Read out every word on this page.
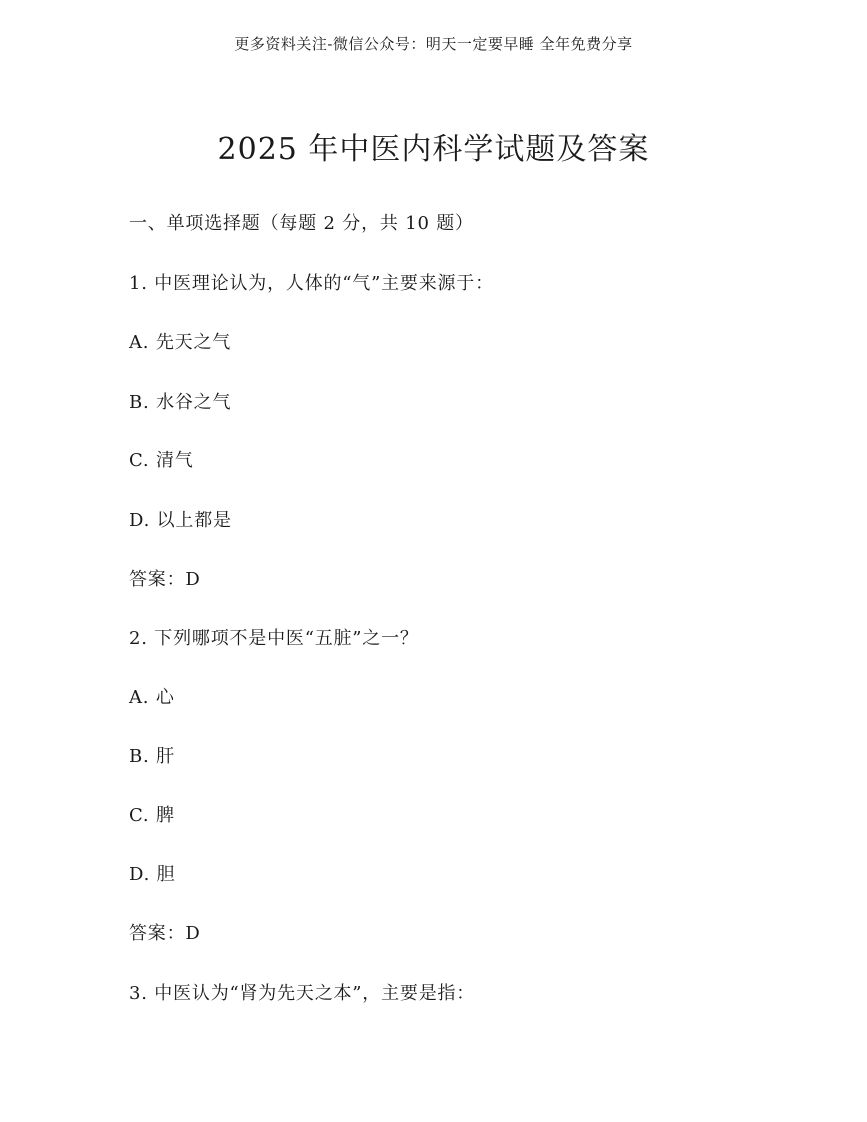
更多资料关注-微信公众号：明天一定要早睡 全年免费分享
2025 年中医内科学试题及答案
一、单项选择题（每题 2 分，共 10 题）
1. 中医理论认为，人体的“气”主要来源于：
A. 先天之气
B. 水谷之气
C. 清气
D. 以上都是
答案：D
2. 下列哪项不是中医“五脏”之一？
A. 心
B. 肝
C. 脾
D. 胆
答案：D
3. 中医认为“肾为先天之本”，主要是指：
